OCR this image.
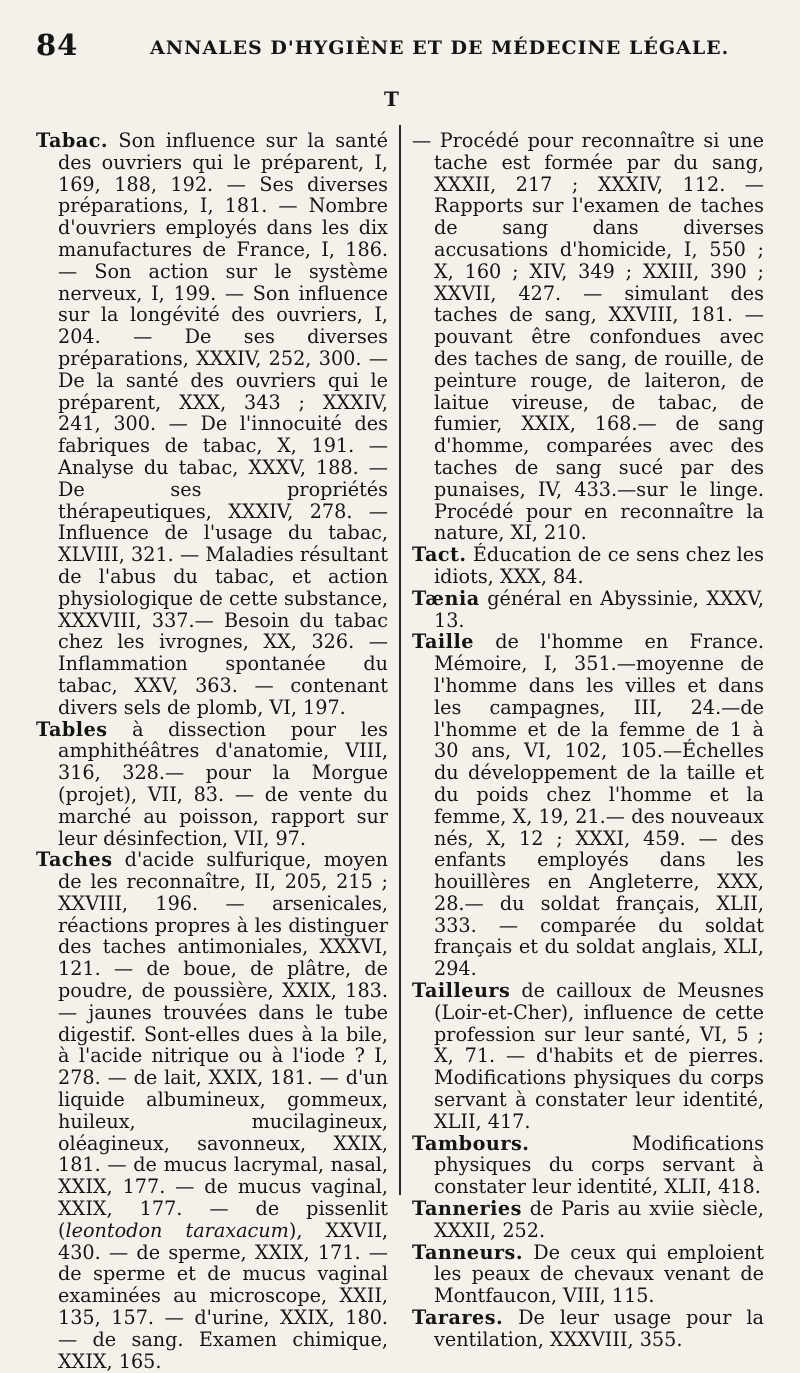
84	ANNALES D'HYGIÈNE ET DE MÉDECINE LÉGALE.
T

Tabac. Son influence sur la santé des ouvriers qui le préparent, I, 169, 188, 192. — Ses diverses préparations, I, 181. — Nombre d'ouvriers employés dans les dix manufactures de France, I, 186. — Son action sur le système nerveux, I, 199. — Son influence sur la longévité des ouvriers, I, 204. — De ses diverses préparations, XXXIV, 252, 300. — De la santé des ouvriers qui le préparent, XXX, 343 ; XXXIV, 241, 300. — De l'innocuité des fabriques de tabac, X, 191. — Analyse du tabac, XXXV, 188. — De ses propriétés thérapeutiques, XXXIV, 278. — Influence de l'usage du tabac, XLVIII, 321. — Maladies résultant de l'abus du tabac, et action physiologique de cette substance, XXXVIII, 337.— Besoin du tabac chez les ivrognes, XX, 326. — Inflammation spontanée du tabac, XXV, 363. — contenant divers sels de plomb, VI, 197.

Tables à dissection pour les amphithéâtres d'anatomie, VIII, 316, 328.— pour la Morgue (projet), VII, 83. — de vente du marché au poisson, rapport sur leur désinfection, VII, 97.

Taches d'acide sulfurique, moyen de les reconnaître, II, 205, 215 ; XXVIII, 196. — arsenicales, réactions propres à les distinguer des taches antimoniales, XXXVI, 121. — de boue, de plâtre, de poudre, de poussière, XXIX, 183. — jaunes trouvées dans le tube digestif. Sont-elles dues à la bile, à l'acide nitrique ou à l'iode ? I, 278. — de lait, XXIX, 181. — d'un liquide albumineux, gommeux, huileux, mucilagineux, oléagineux, savonneux, XXIX, 181. — de mucus lacrymal, nasal, XXIX, 177. — de mucus vaginal, XXIX, 177. — de pissenlit (leontodon taraxacum), XXVII, 430. — de sperme, XXIX, 171. — de sperme et de mucus vaginal examinées au microscope, XXII, 135, 157. — d'urine, XXIX, 180. — de sang. Examen chimique, XXIX, 165.

— Procédé pour reconnaître si une tache est formée par du sang, XXXII, 217 ; XXXIV, 112. — Rapports sur l'examen de taches de sang dans diverses accusations d'homicide, I, 550 ; X, 160 ; XIV, 349 ; XXIII, 390 ; XXVII, 427. — simulant des taches de sang, XXVIII, 181. — pouvant être confondues avec des taches de sang, de rouille, de peinture rouge, de laiteron, de laitue vireuse, de tabac, de fumier, XXIX, 168.— de sang d'homme, comparées avec des taches de sang sucé par des punaises, IV, 433.—sur le linge. Procédé pour en reconnaître la nature, XI, 210.

Tact. Éducation de ce sens chez les idiots, XXX, 84.

Tænia général en Abyssinie, XXXV, 13.

Taille de l'homme en France. Mémoire, I, 351.—moyenne de l'homme dans les villes et dans les campagnes, III, 24.—de l'homme et de la femme de 1 à 30 ans, VI, 102, 105.—Échelles du développement de la taille et du poids chez l'homme et la femme, X, 19, 21.— des nouveaux nés, X, 12 ; XXXI, 459. — des enfants employés dans les houillères en Angleterre, XXX, 28.— du soldat français, XLII, 333. — comparée du soldat français et du soldat anglais, XLI, 294.

Tailleurs de cailloux de Meusnes (Loir-et-Cher), influence de cette profession sur leur santé, VI, 5 ; X, 71. — d'habits et de pierres. Modifications physiques du corps servant à constater leur identité, XLII, 417.

Tambours. Modifications physiques du corps servant à constater leur identité, XLII, 418.

Tanneries de Paris au xviie siècle, XXXII, 252.

Tanneurs. De ceux qui emploient les peaux de chevaux venant de Montfaucon, VIII, 115.

Tarares. De leur usage pour la ventilation, XXXVIII, 355.
